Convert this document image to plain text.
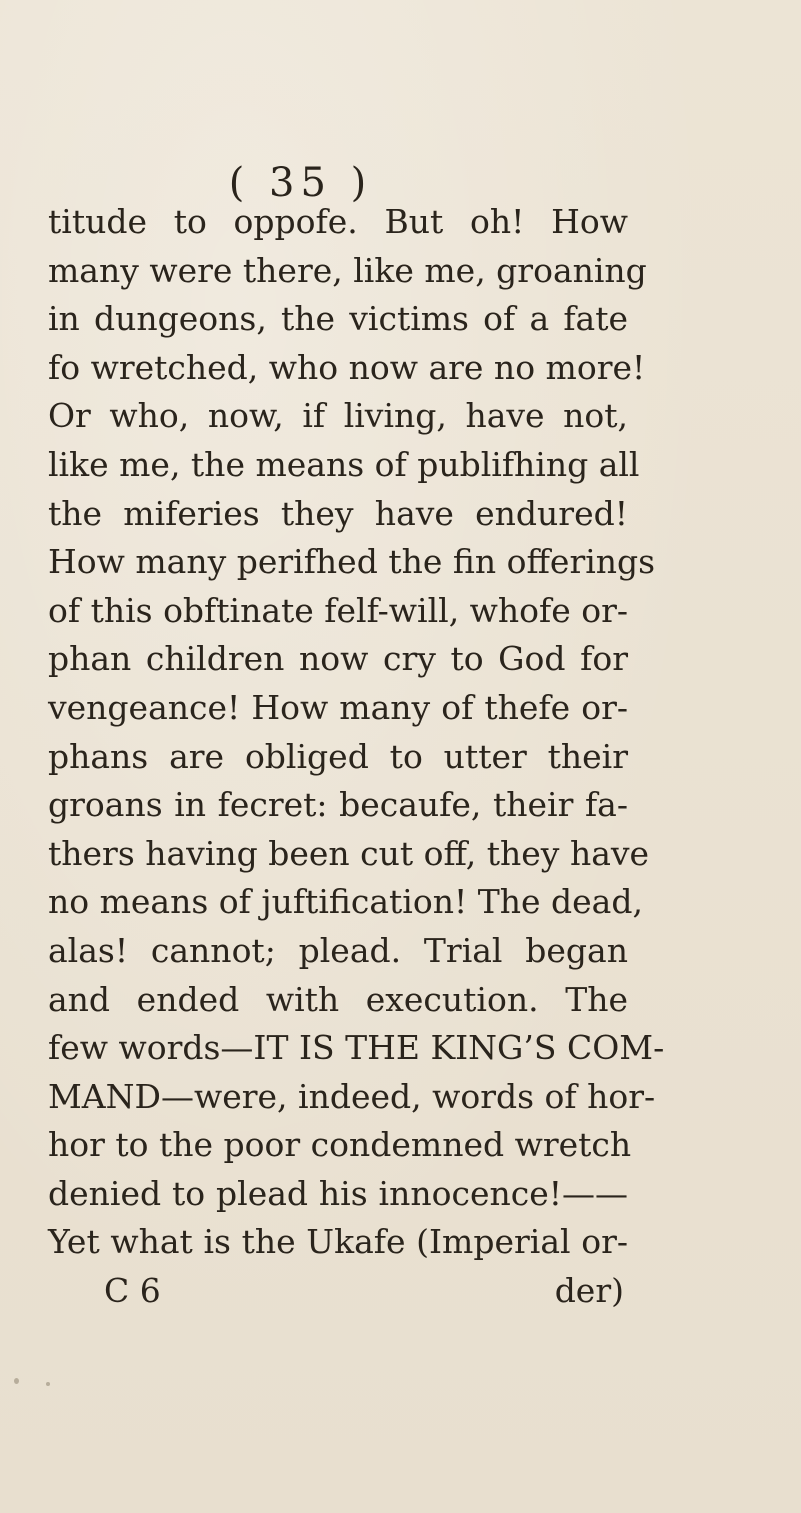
( 35 )
titude to oppofe. But oh! How
many were there, like me, groaning
in dungeons, the victims of a fate
fo wretched, who now are no more!
Or who, now, if living, have not,
like me, the means of publifhing all
the miferies they have endured!
How many perifhed the fin offerings
of this obftinate felf-will, whofe or-
phan children now cry to God for
vengeance! How many of thefe or-
phans are obliged to utter their
groans in fecret: becaufe, their fa-
thers having been cut off, they have
no means of juftification! The dead,
alas! cannot; plead. Trial began
and ended with execution. The
few words—IT IS THE KING’S COM-
MAND—were, indeed, words of hor-
hor to the poor condemned wretch
denied to plead his innocence!——
Yet what is the Ukafe (Imperial or-
C 6	der)
